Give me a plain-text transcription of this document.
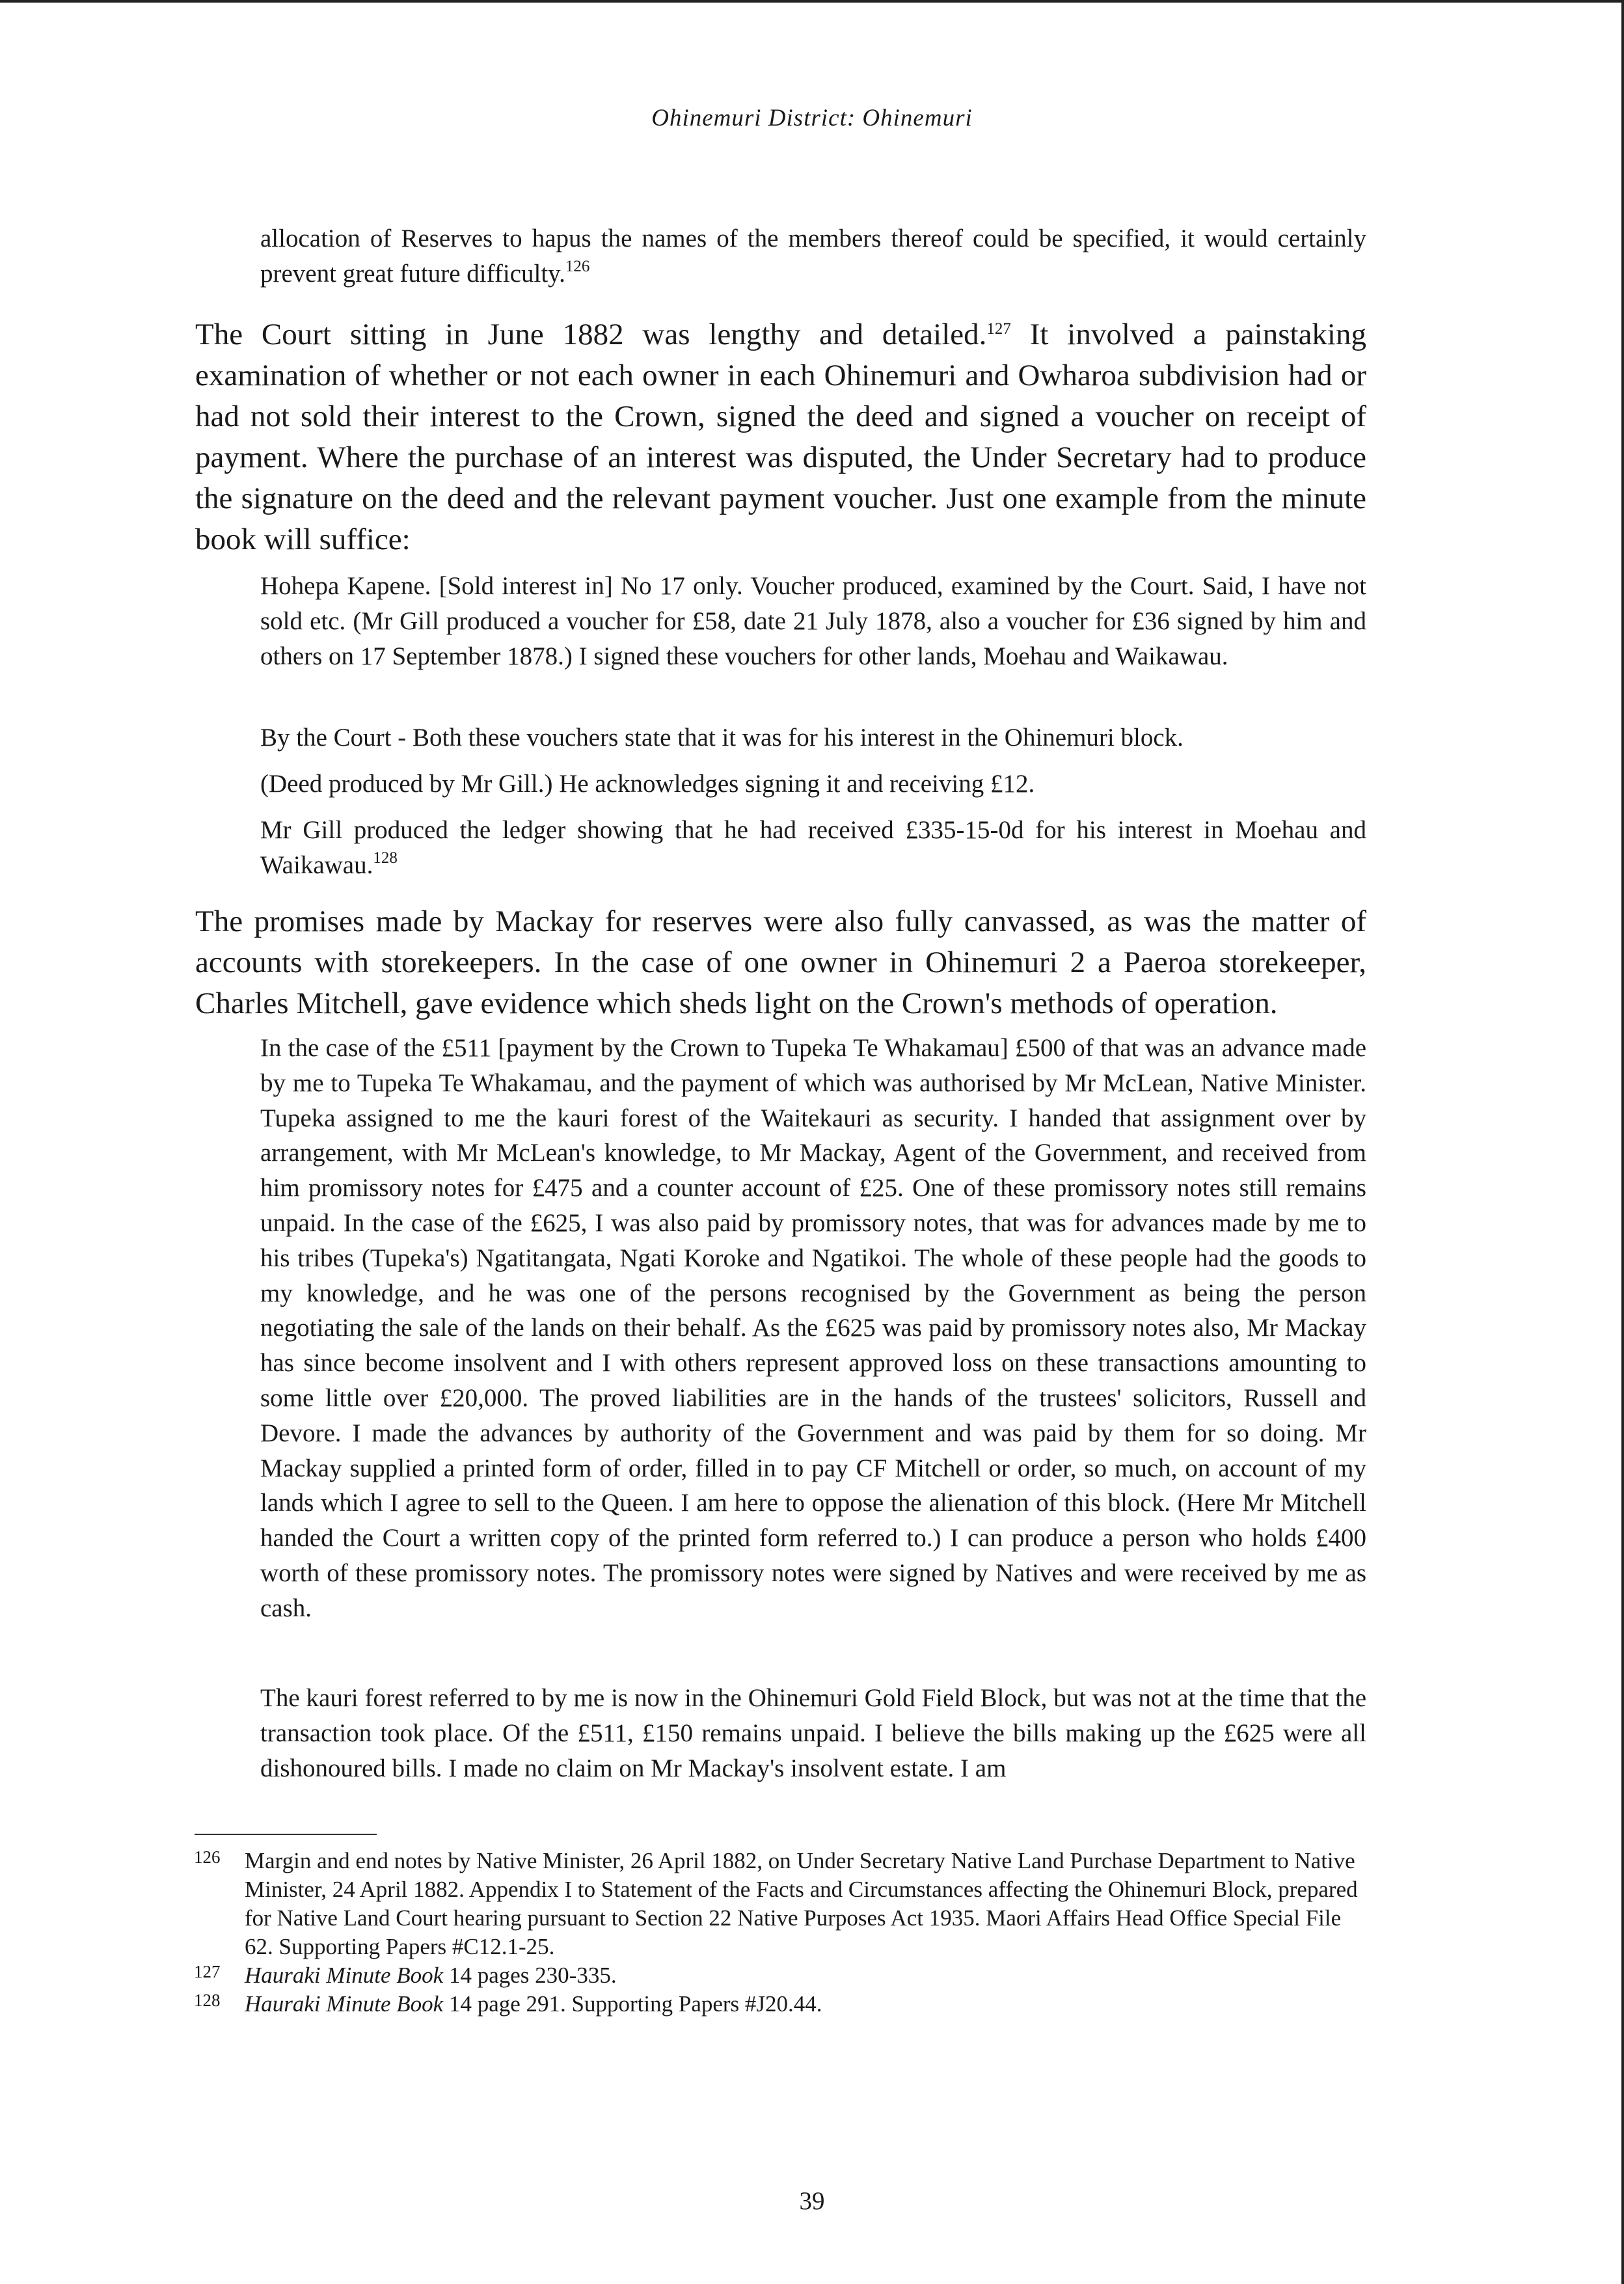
Ohinemuri District: Ohinemuri

allocation of Reserves to hapus the names of the members thereof could be specified, it would certainly prevent great future difficulty.$^{126}$

The Court sitting in June 1882 was lengthy and detailed.$^{127}$ It involved a painstaking examination of whether or not each owner in each Ohinemuri and Owharoa subdivision had or had not sold their interest to the Crown, signed the deed and signed a voucher on receipt of payment. Where the purchase of an interest was disputed, the Under Secretary had to produce the signature on the deed and the relevant payment voucher. Just one example from the minute book will suffice:

Hohepa Kapene. [Sold interest in] No 17 only. Voucher produced, examined by the Court. Said, I have not sold etc. (Mr Gill produced a voucher for £58, date 21 July 1878, also a voucher for £36 signed by him and others on 17 September 1878.) I signed these vouchers for other lands, Moehau and Waikawau.

By the Court - Both these vouchers state that it was for his interest in the Ohinemuri block.

(Deed produced by Mr Gill.) He acknowledges signing it and receiving £12.

Mr Gill produced the ledger showing that he had received £335-15-0d for his interest in Moehau and Waikawau.$^{128}$

The promises made by Mackay for reserves were also fully canvassed, as was the matter of accounts with storekeepers. In the case of one owner in Ohinemuri 2 a Paeroa storekeeper, Charles Mitchell, gave evidence which sheds light on the Crown's methods of operation.

In the case of the £511 [payment by the Crown to Tupeka Te Whakamau] £500 of that was an advance made by me to Tupeka Te Whakamau, and the payment of which was authorised by Mr McLean, Native Minister. Tupeka assigned to me the kauri forest of the Waitekauri as security. I handed that assignment over by arrangement, with Mr McLean's knowledge, to Mr Mackay, Agent of the Government, and received from him promissory notes for £475 and a counter account of £25. One of these promissory notes still remains unpaid. In the case of the £625, I was also paid by promissory notes, that was for advances made by me to his tribes (Tupeka's) Ngatitangata, Ngati Koroke and Ngatikoi. The whole of these people had the goods to my knowledge, and he was one of the persons recognised by the Government as being the person negotiating the sale of the lands on their behalf. As the £625 was paid by promissory notes also, Mr Mackay has since become insolvent and I with others represent approved loss on these transactions amounting to some little over £20,000. The proved liabilities are in the hands of the trustees' solicitors, Russell and Devore. I made the advances by authority of the Government and was paid by them for so doing. Mr Mackay supplied a printed form of order, filled in to pay CF Mitchell or order, so much, on account of my lands which I agree to sell to the Queen. I am here to oppose the alienation of this block. (Here Mr Mitchell handed the Court a written copy of the printed form referred to.) I can produce a person who holds £400 worth of these promissory notes. The promissory notes were signed by Natives and were received by me as cash.

The kauri forest referred to by me is now in the Ohinemuri Gold Field Block, but was not at the time that the transaction took place. Of the £511, £150 remains unpaid. I believe the bills making up the £625 were all dishonoured bills. I made no claim on Mr Mackay's insolvent estate. I am

126 Margin and end notes by Native Minister, 26 April 1882, on Under Secretary Native Land Purchase Department to Native Minister, 24 April 1882. Appendix I to Statement of the Facts and Circumstances affecting the Ohinemuri Block, prepared for Native Land Court hearing pursuant to Section 22 Native Purposes Act 1935. Maori Affairs Head Office Special File 62. Supporting Papers #C12.1-25.

127 Hauraki Minute Book 14 pages 230-335.

128 Hauraki Minute Book 14 page 291. Supporting Papers #J20.44.

39
